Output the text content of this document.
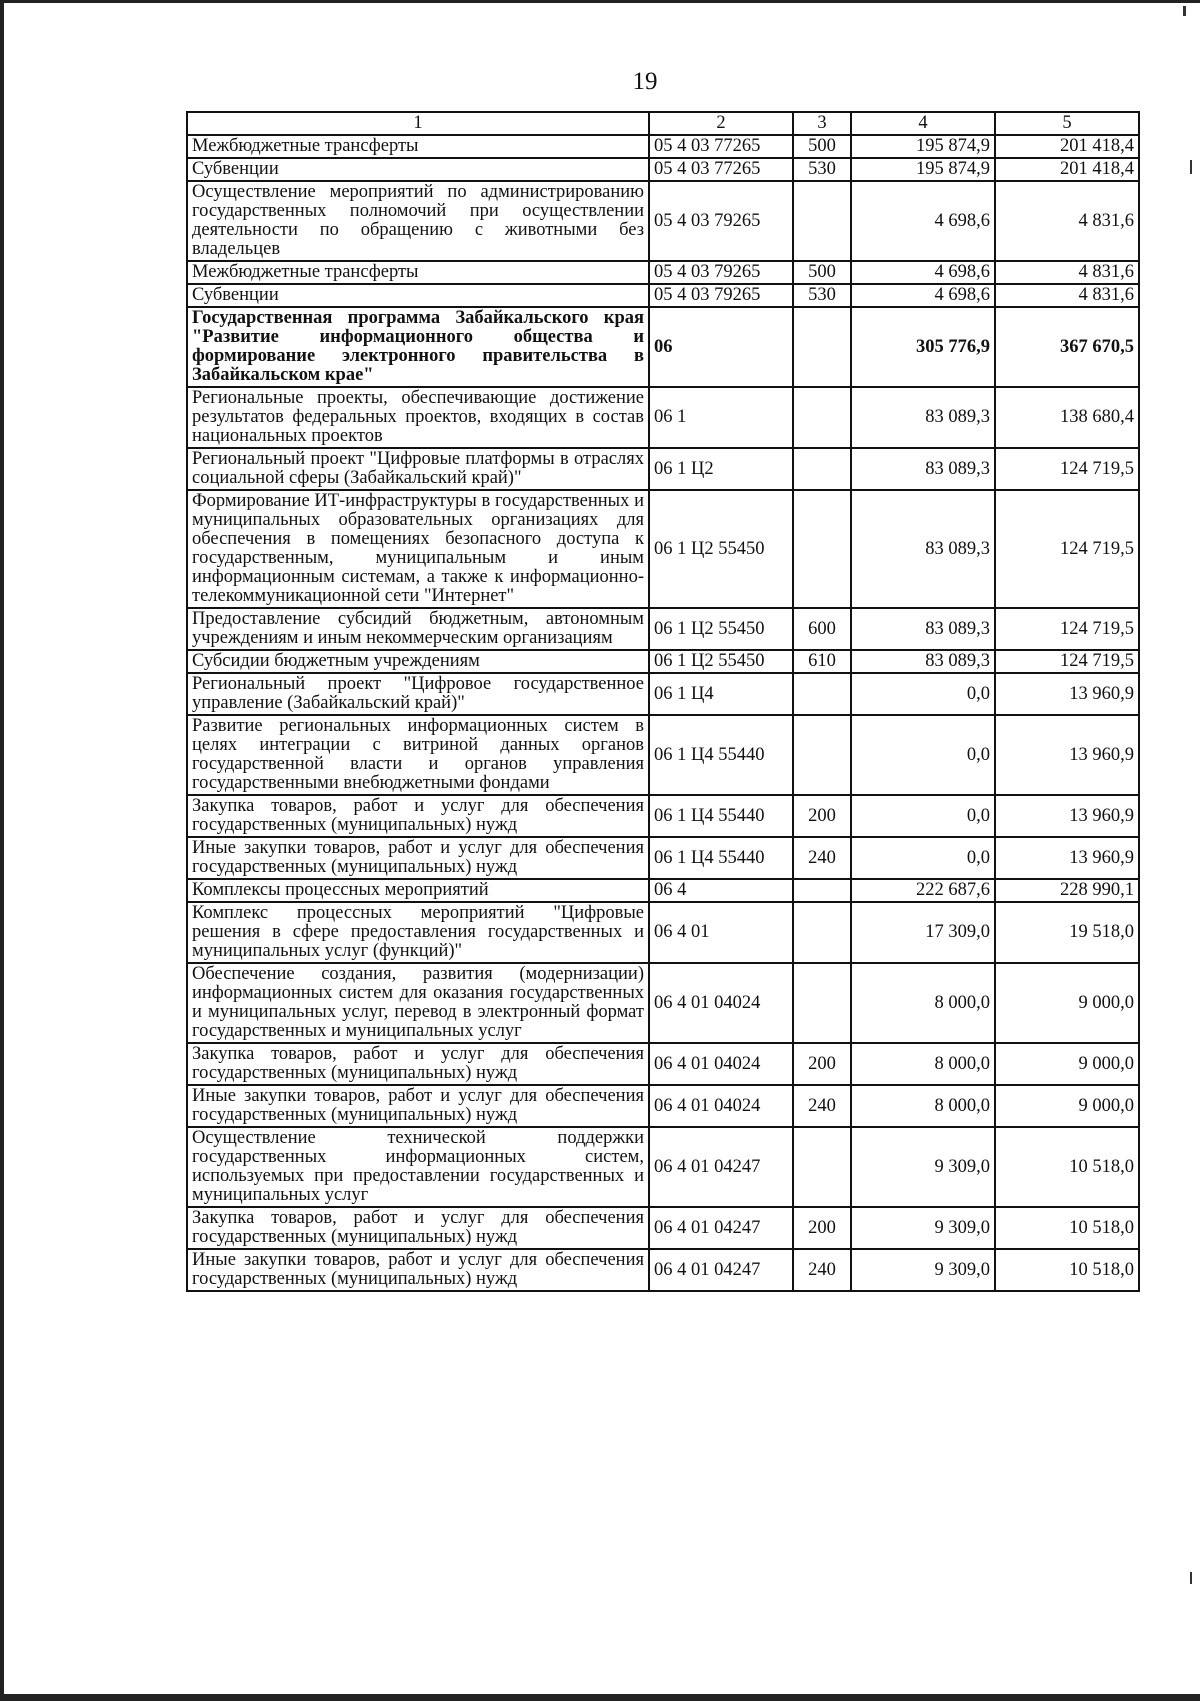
19
1	2	3	4	5
Межбюджетные трансферты	05 4 03 77265	500	195 874,9	201 418,4
Субвенции	05 4 03 77265	530	195 874,9	201 418,4
Осуществление мероприятий по администрированию государственных полномочий при осуществлении деятельности по обращению с животными без владельцев	05 4 03 79265		4 698,6	4 831,6
Межбюджетные трансферты	05 4 03 79265	500	4 698,6	4 831,6
Субвенции	05 4 03 79265	530	4 698,6	4 831,6
Государственная программа Забайкальского края "Развитие информационного общества и формирование электронного правительства в Забайкальском крае"	06		305 776,9	367 670,5
Региональные проекты, обеспечивающие достижение результатов федеральных проектов, входящих в состав национальных проектов	06 1		83 089,3	138 680,4
Региональный проект "Цифровые платформы в отраслях социальной сферы (Забайкальский край)"	06 1 Ц2		83 089,3	124 719,5
Формирование ИТ-инфраструктуры в государственных и муниципальных образовательных организациях для обеспечения в помещениях безопасного доступа к государственным, муниципальным и иным информационным системам, а также к информационно-телекоммуникационной сети "Интернет"	06 1 Ц2 55450		83 089,3	124 719,5
Предоставление субсидий бюджетным, автономным учреждениям и иным некоммерческим организациям	06 1 Ц2 55450	600	83 089,3	124 719,5
Субсидии бюджетным учреждениям	06 1 Ц2 55450	610	83 089,3	124 719,5
Региональный проект "Цифровое государственное управление (Забайкальский край)"	06 1 Ц4		0,0	13 960,9
Развитие региональных информационных систем в целях интеграции с витриной данных органов государственной власти и органов управления государственными внебюджетными фондами	06 1 Ц4 55440		0,0	13 960,9
Закупка товаров, работ и услуг для обеспечения государственных (муниципальных) нужд	06 1 Ц4 55440	200	0,0	13 960,9
Иные закупки товаров, работ и услуг для обеспечения государственных (муниципальных) нужд	06 1 Ц4 55440	240	0,0	13 960,9
Комплексы процессных мероприятий	06 4		222 687,6	228 990,1
Комплекс процессных мероприятий "Цифровые решения в сфере предоставления государственных и муниципальных услуг (функций)"	06 4 01		17 309,0	19 518,0
Обеспечение создания, развития (модернизации) информационных систем для оказания государственных и муниципальных услуг, перевод в электронный формат государственных и муниципальных услуг	06 4 01 04024		8 000,0	9 000,0
Закупка товаров, работ и услуг для обеспечения государственных (муниципальных) нужд	06 4 01 04024	200	8 000,0	9 000,0
Иные закупки товаров, работ и услуг для обеспечения государственных (муниципальных) нужд	06 4 01 04024	240	8 000,0	9 000,0
Осуществление технической поддержки государственных информационных систем, используемых при предоставлении государственных и муниципальных услуг	06 4 01 04247		9 309,0	10 518,0
Закупка товаров, работ и услуг для обеспечения государственных (муниципальных) нужд	06 4 01 04247	200	9 309,0	10 518,0
Иные закупки товаров, работ и услуг для обеспечения государственных (муниципальных) нужд	06 4 01 04247	240	9 309,0	10 518,0
